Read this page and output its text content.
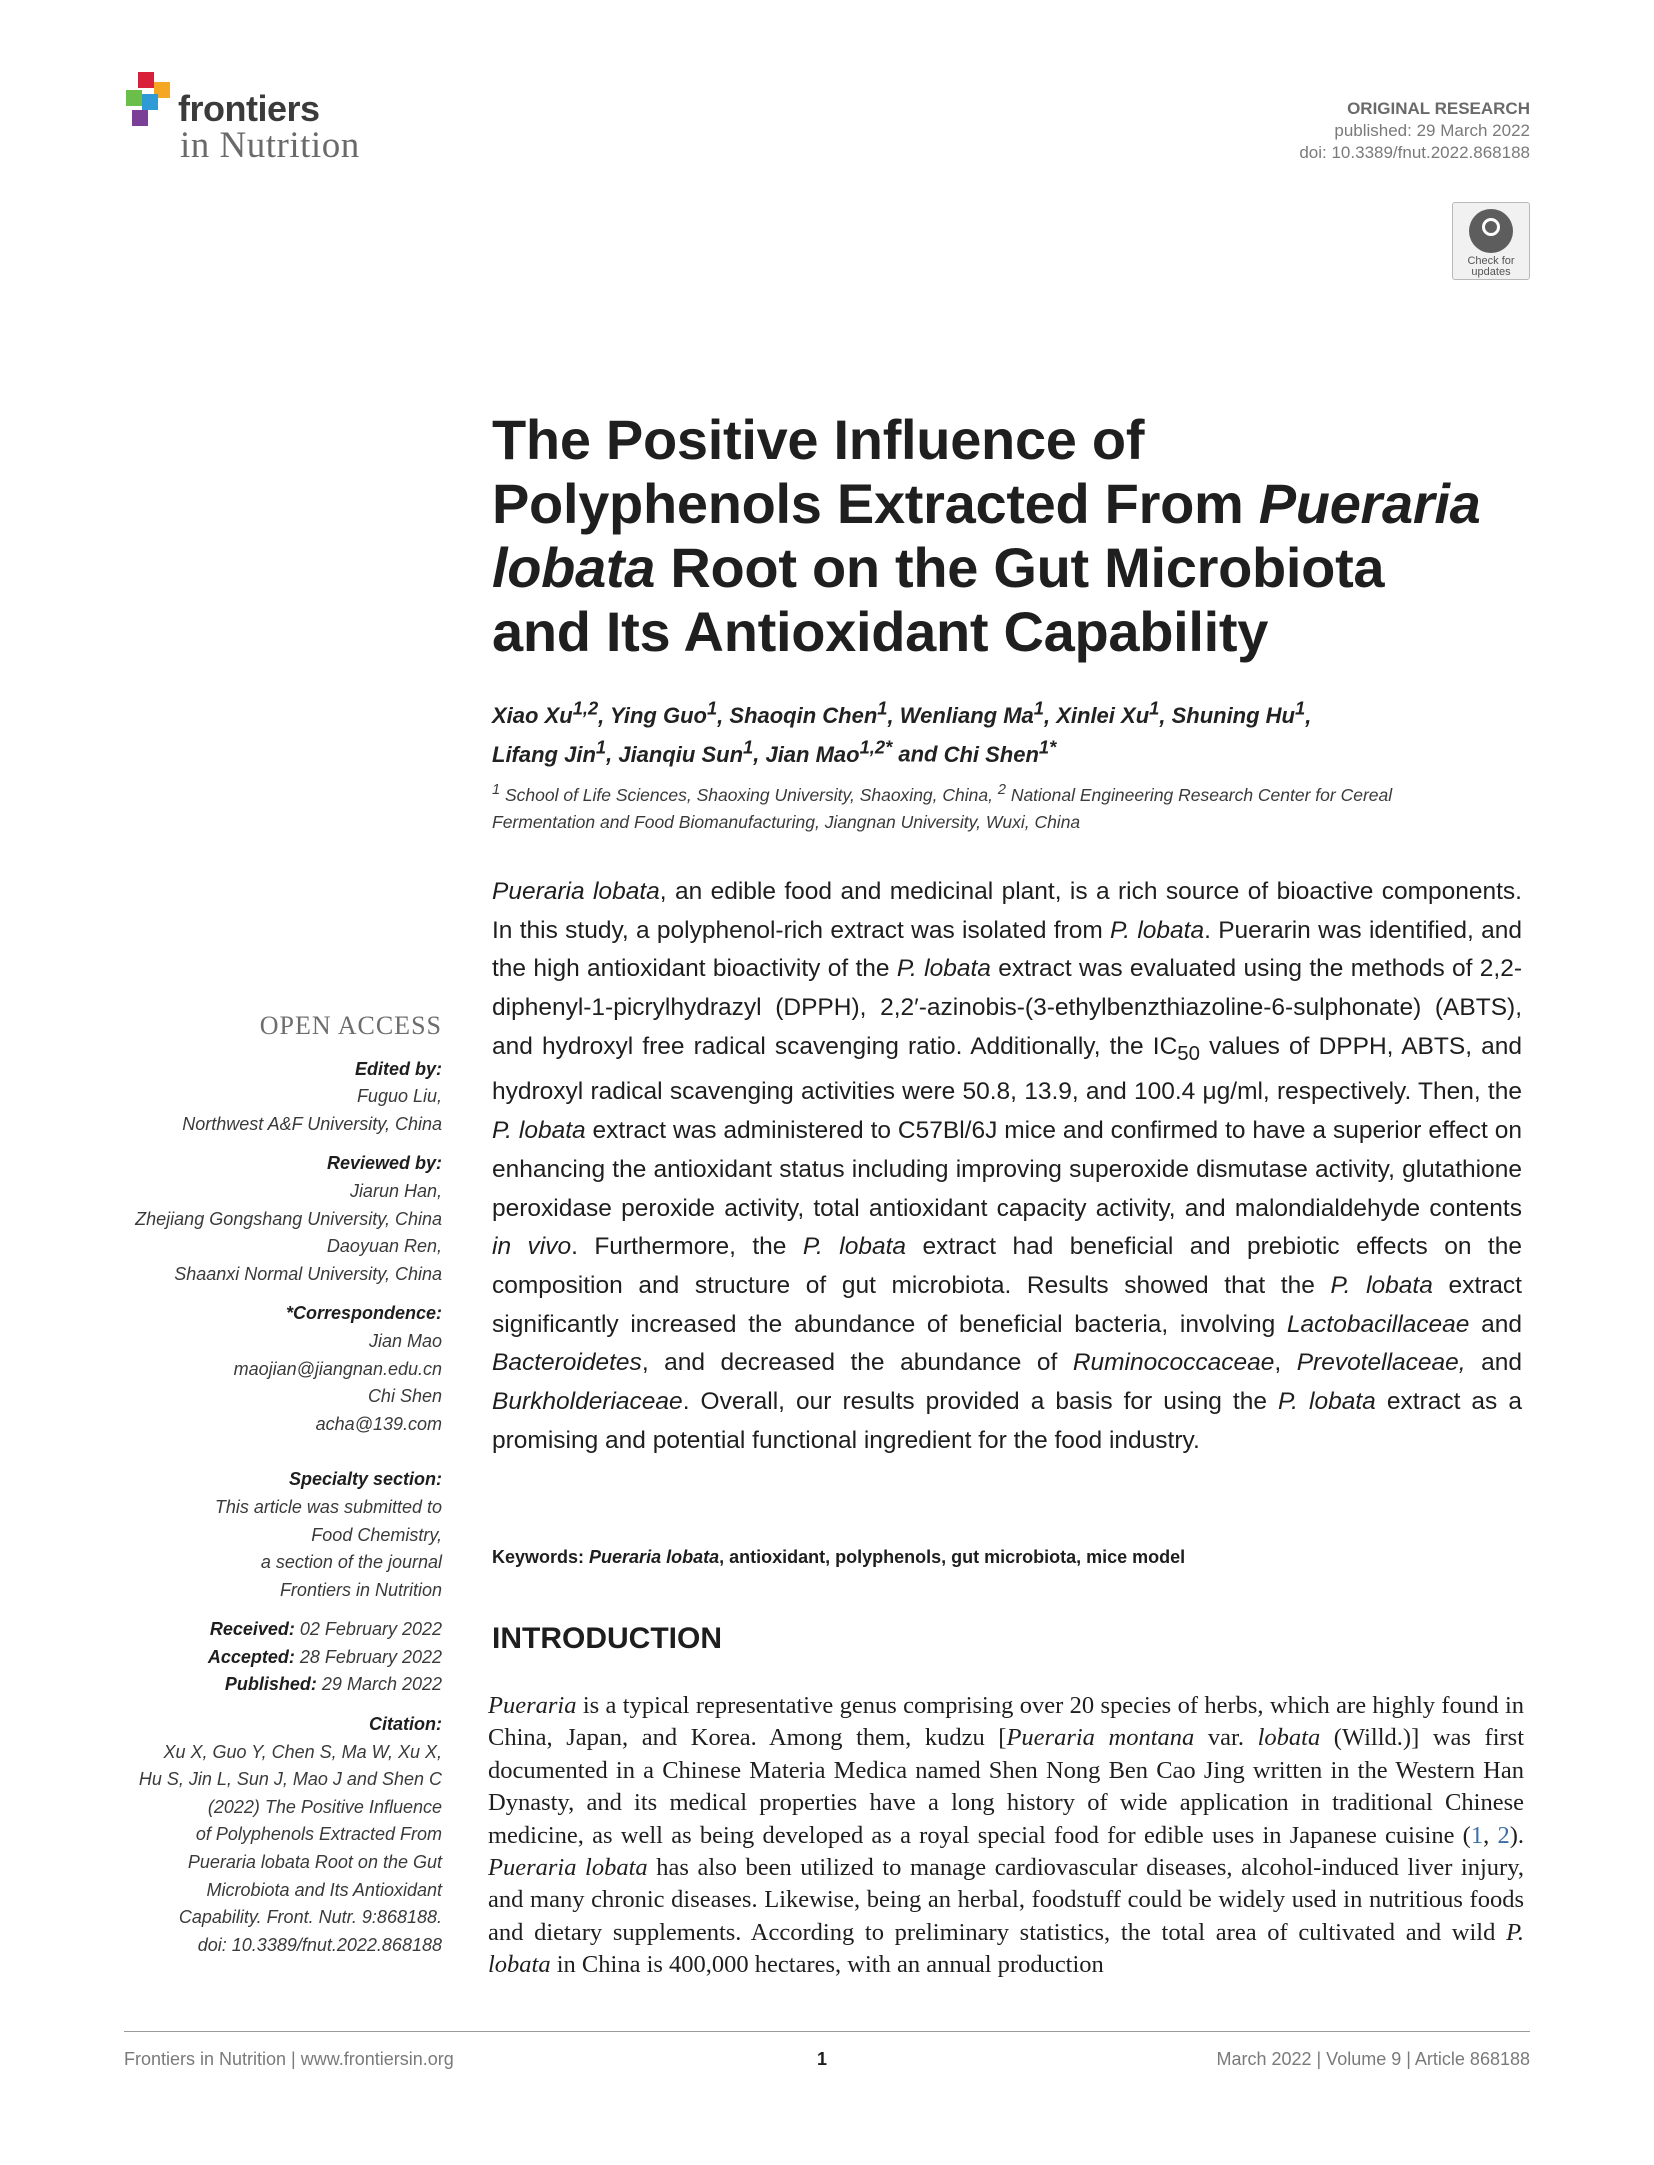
frontiers
in Nutrition
ORIGINAL RESEARCH
published: 29 March 2022
doi: 10.3389/fnut.2022.868188
Check for
updates
The Positive Influence of
Polyphenols Extracted From Pueraria
lobata Root on the Gut Microbiota
and Its Antioxidant Capability
Xiao Xu$^{1,2}$, Ying Guo$^1$, Shaoqin Chen$^1$, Wenliang Ma$^1$, Xinlei Xu$^1$, Shuning Hu$^1$,
Lifang Jin$^1$, Jianqiu Sun$^1$, Jian Mao$^{1,2*}$ and Chi Shen$^{1*}$
$^1$ School of Life Sciences, Shaoxing University, Shaoxing, China, $^2$ National Engineering Research Center for Cereal
Fermentation and Food Biomanufacturing, Jiangnan University, Wuxi, China

Pueraria lobata, an edible food and medicinal plant, is a rich source of bioactive components. In this study, a polyphenol-rich extract was isolated from P. lobata. Puerarin was identified, and the high antioxidant bioactivity of the P. lobata extract was evaluated using the methods of 2,2-diphenyl-1-picrylhydrazyl (DPPH), 2,2′-azinobis-(3-ethylbenzthiazoline-6-sulphonate) (ABTS), and hydroxyl free radical scavenging ratio. Additionally, the $IC_{50}$ values of DPPH, ABTS, and hydroxyl radical scavenging activities were 50.8, 13.9, and 100.4 μg/ml, respectively. Then, the P. lobata extract was administered to C57Bl/6J mice and confirmed to have a superior effect on enhancing the antioxidant status including improving superoxide dismutase activity, glutathione peroxidase peroxide activity, total antioxidant capacity activity, and malondialdehyde contents in vivo. Furthermore, the P. lobata extract had beneficial and prebiotic effects on the composition and structure of gut microbiota. Results showed that the P. lobata extract significantly increased the abundance of beneficial bacteria, involving Lactobacillaceae and Bacteroidetes, and decreased the abundance of Ruminococcaceae, Prevotellaceae, and Burkholderiaceae. Overall, our results provided a basis for using the P. lobata extract as a promising and potential functional ingredient for the food industry.

Keywords: Pueraria lobata, antioxidant, polyphenols, gut microbiota, mice model
INTRODUCTION

Pueraria is a typical representative genus comprising over 20 species of herbs, which are highly found in China, Japan, and Korea. Among them, kudzu [Pueraria montana var. lobata (Willd.)] was first documented in a Chinese Materia Medica named Shen Nong Ben Cao Jing written in the Western Han Dynasty, and its medical properties have a long history of wide application in traditional Chinese medicine, as well as being developed as a royal special food for edible uses in Japanese cuisine (1, 2). Pueraria lobata has also been utilized to manage cardiovascular diseases, alcohol-induced liver injury, and many chronic diseases. Likewise, being an herbal, foodstuff could be widely used in nutritious foods and dietary supplements. According to preliminary statistics, the total area of cultivated and wild P. lobata in China is 400,000 hectares, with an annual production

OPEN ACCESS
Edited by:
Fuguo Liu,
Northwest A&F University, China
Reviewed by:
Jiarun Han,
Zhejiang Gongshang University, China
Daoyuan Ren,
Shaanxi Normal University, China
*Correspondence:
Jian Mao
maojian@jiangnan.edu.cn
Chi Shen
acha@139.com
Specialty section:
This article was submitted to
Food Chemistry,
a section of the journal
Frontiers in Nutrition
Received: 02 February 2022
Accepted: 28 February 2022
Published: 29 March 2022
Citation:
Xu X, Guo Y, Chen S, Ma W, Xu X,
Hu S, Jin L, Sun J, Mao J and Shen C
(2022) The Positive Influence
of Polyphenols Extracted From
Pueraria lobata Root on the Gut
Microbiota and Its Antioxidant
Capability. Front. Nutr. 9:868188.
doi: 10.3389/fnut.2022.868188
Frontiers in Nutrition | www.frontiersin.org	1	March 2022 | Volume 9 | Article 868188
